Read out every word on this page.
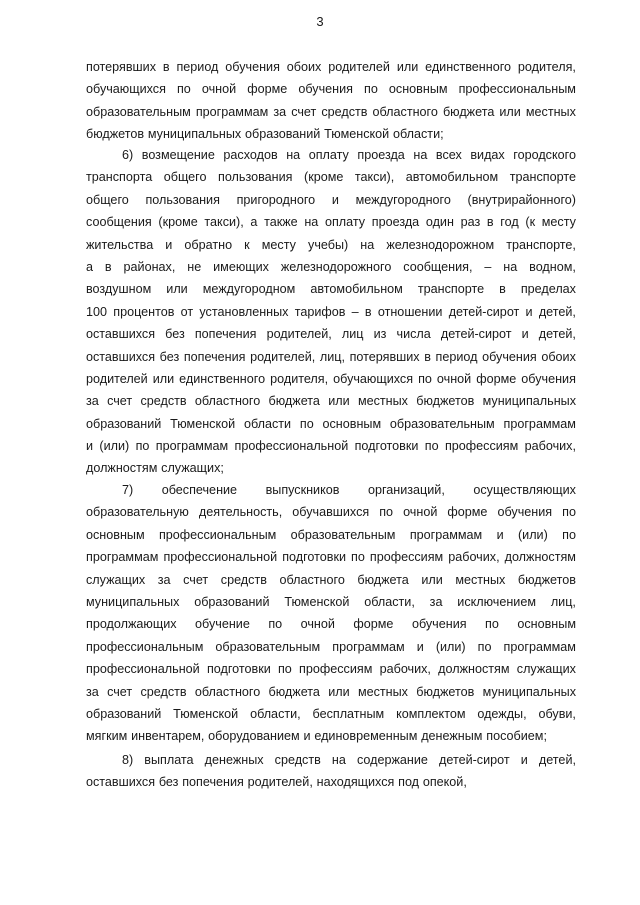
3
потерявших в период обучения обоих родителей или единственного родителя,
обучающихся по очной форме обучения по основным профессиональным
образовательным программам за счет средств областного бюджета или местных
бюджетов муниципальных образований Тюменской области;
6) возмещение расходов на оплату проезда на всех видах городского
транспорта общего пользования (кроме такси), автомобильном транспорте
общего пользования пригородного и междугородного (внутрирайонного)
сообщения (кроме такси), а также на оплату проезда один раз в год (к месту
жительства и обратно к месту учебы) на железнодорожном транспорте,
а в районах, не имеющих железнодорожного сообщения, – на водном,
воздушном или междугородном автомобильном транспорте в пределах
100 процентов от установленных тарифов – в отношении детей-сирот и детей,
оставшихся без попечения родителей, лиц из числа детей-сирот и детей,
оставшихся без попечения родителей, лиц, потерявших в период обучения обоих
родителей или единственного родителя, обучающихся по очной форме обучения
за счет средств областного бюджета или местных бюджетов муниципальных
образований Тюменской области по основным образовательным программам
и (или) по программам профессиональной подготовки по профессиям рабочих,
должностям служащих;
7) обеспечение выпускников организаций, осуществляющих
образовательную деятельность, обучавшихся по очной форме обучения по
основным профессиональным образовательным программам и (или) по
программам профессиональной подготовки по профессиям рабочих, должностям
служащих за счет средств областного бюджета или местных бюджетов
муниципальных образований Тюменской области, за исключением лиц,
продолжающих обучение по очной форме обучения по основным
профессиональным образовательным программам и (или) по программам
профессиональной подготовки по профессиям рабочих, должностям служащих
за счет средств областного бюджета или местных бюджетов муниципальных
образований Тюменской области, бесплатным комплектом одежды, обуви,
мягким инвентарем, оборудованием и единовременным денежным пособием;
8) выплата денежных средств на содержание детей-сирот и детей,
оставшихся без попечения родителей, находящихся под опекой,
